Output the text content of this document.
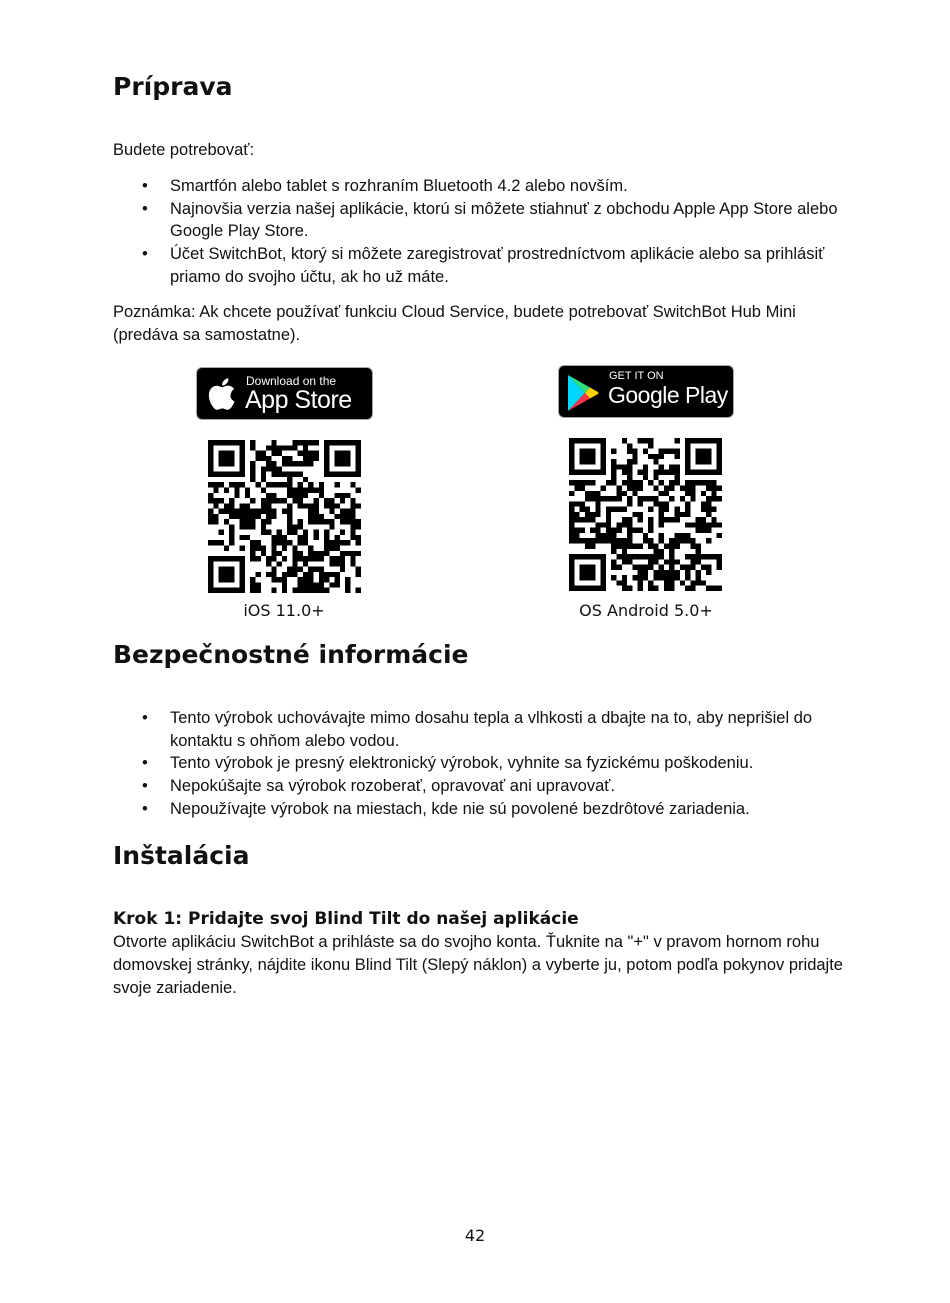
Príprava

Budete potrebovať:

• Smartfón alebo tablet s rozhraním Bluetooth 4.2 alebo novším.
• Najnovšia verzia našej aplikácie, ktorú si môžete stiahnuť z obchodu Apple App Store alebo Google Play Store.
• Účet SwitchBot, ktorý si môžete zaregistrovať prostredníctvom aplikácie alebo sa prihlásiť priamo do svojho účtu, ak ho už máte.

Poznámka: Ak chcete používať funkciu Cloud Service, budete potrebovať SwitchBot Hub Mini (predáva sa samostatne).

Download on the
App Store
GET IT ON
Google Play
iOS 11.0+	OS Android 5.0+
Bezpečnostné informácie
• Tento výrobok uchovávajte mimo dosahu tepla a vlhkosti a dbajte na to, aby neprišiel do kontaktu s ohňom alebo vodou.
• Tento výrobok je presný elektronický výrobok, vyhnite sa fyzickému poškodeniu.
• Nepokúšajte sa výrobok rozoberať, opravovať ani upravovať.
• Nepoužívajte výrobok na miestach, kde nie sú povolené bezdrôtové zariadenia.
Inštalácia
Krok 1: Pridajte svoj Blind Tilt do našej aplikácie

Otvorte aplikáciu SwitchBot a prihláste sa do svojho konta. Ťuknite na "+" v pravom hornom rohu domovskej stránky, nájdite ikonu Blind Tilt (Slepý náklon) a vyberte ju, potom podľa pokynov pridajte svoje zariadenie.

42
